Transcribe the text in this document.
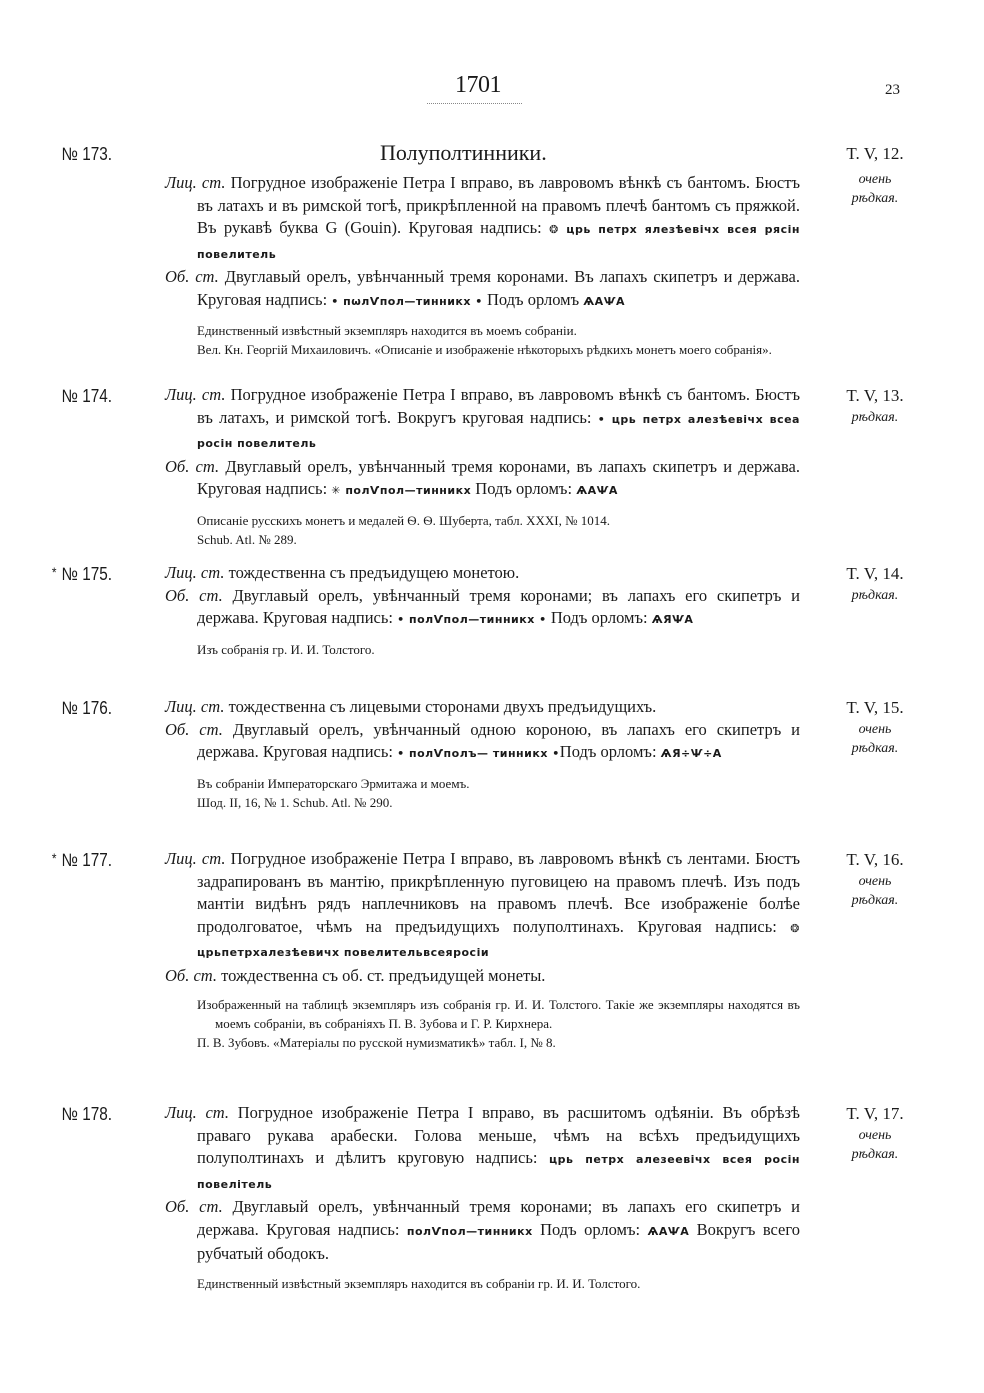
1701	23
№ 173.	Полуполтинники.	T. V, 12.
очень
рѣдкая.

Лиц. ст. Погрудное изображеніе Петра I вправо, въ лавровомъ вѣнкѣ съ бантомъ. Бюстъ въ латахъ и въ римской тогѣ, прикрѣпленной на правомъ плечѣ бантомъ съ пряжкой. Въ рукавѣ буква G (Gouin). Круговая надпись: ❂ црь петрх ялезѣевічх всея рясін повелитель

Об. ст. Двуглавый орелъ, увѣнчанный тремя коронами. Въ лапахъ скипетръ и держава. Круговая надпись: • пωлѴпол—тинникх • Подъ орломъ ѦАѰА

Единственный извѣстный экземпляръ находится въ моемъ собраніи.

Вел. Кн. Георгій Михаиловичъ. «Описаніе и изображеніе нѣкоторыхъ рѣдкихъ монетъ моего собранія».

№ 174.	T. V, 13.
рѣдкая.

Лиц. ст. Погрудное изображеніе Петра I вправо, въ лавровомъ вѣнкѣ съ бантомъ. Бюстъ въ латахъ, и римской тогѣ. Вокругъ круговая надпись: • црь петрх алезѣевічх всеа росін повелитель

Об. ст. Двуглавый орелъ, увѣнчанный тремя коронами, въ лапахъ скипетръ и держава. Круговая надпись: ✳ полѴпол—тинникх Подъ орломъ: ѦАѰА

Описаніе русскихъ монетъ и медалей Ѳ. Ѳ. Шуберта, табл. XXXI, № 1014.

Schub. Atl. № 289.

* № 175.	T. V, 14.
рѣдкая.

Лиц. ст. тождественна съ предъидущею монетою.

Об. ст. Двуглавый орелъ, увѣнчанный тремя коронами; въ лапахъ его скипетръ и держава. Круговая надпись: • полѴпол—тинникх • Подъ орломъ: ѦЯѰА

Изъ собранія гр. И. И. Толстого.

№ 176.	T. V, 15.
очень
рѣдкая.

Лиц. ст. тождественна съ лицевыми сторонами двухъ предъидущихъ.

Об. ст. Двуглавый орелъ, увѣнчанный одною короною, въ лапахъ его скипетръ и держава. Круговая надпись: • полѴполъ— тинникх •Подъ орломъ: ѦЯ÷Ѱ÷А

Въ собраніи Императорскаго Эрмитажа и моемъ.

Шод. II, 16, № 1. Schub. Atl. № 290.

* № 177.	T. V, 16.
очень
рѣдкая.

Лиц. ст. Погрудное изображеніе Петра I вправо, въ лавровомъ вѣнкѣ съ лентами. Бюстъ задрапированъ въ мантію, прикрѣпленную пуговицею на правомъ плечѣ. Изъ подъ мантіи видѣнъ рядъ наплечниковъ на правомъ плечѣ. Все изображеніе болѣе продолговатое, чѣмъ на предъидущихъ полуполтинахъ. Круговая надпись: ❂ црьпетрхалезѣевичх повелительвсеяросіи

Об. ст. тождественна съ об. ст. предъидущей монеты.

Изображенный на таблицѣ экземпляръ изъ собранія гр. И. И. Толстого. Такіе же экземпляры находятся въ моемъ собраніи, въ собраніяхъ П. В. Зубова и Г. Р. Кирхнера.

П. В. Зубовъ. «Матеріалы по русской нумизматикѣ» табл. I, № 8.

№ 178.	T. V, 17.
очень
рѣдкая.

Лиц. ст. Погрудное изображеніе Петра I вправо, въ расшитомъ одѣяніи. Въ обрѣзѣ праваго рукава арабески. Голова меньше, чѣмъ на всѣхъ предъидущихъ полуполтинахъ и дѣлитъ круговую надпись: црь петрх алезеевічх всея росін повелітель

Об. ст. Двуглавый орелъ, увѣнчанный тремя коронами; въ лапахъ его скипетръ и держава. Круговая надпись: полѴпол—тинникх Подъ орломъ: ѦАѰА Вокругъ всего рубчатый ободокъ.

Единственный извѣстный экземпляръ находится въ собраніи гр. И. И. Толстого.
